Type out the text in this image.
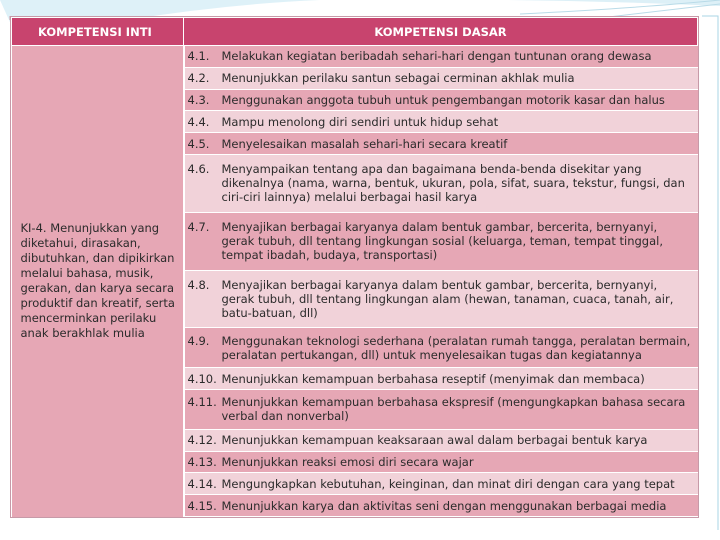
KOMPETENSI INTI	KOMPETENSI DASAR
KI-4. Menunjukkan yang diketahui, dirasakan, dibutuhkan, dan dipikirkan melalui bahasa, musik, gerakan, dan karya secara produktif dan kreatif, serta mencerminkan perilaku anak berakhlak mulia	4.1. Melakukan kegiatan beribadah sehari-hari dengan tuntunan orang dewasa

	4.2. Menunjukkan perilaku santun sebagai cerminan akhlak mulia

	4.3. Menggunakan anggota tubuh untuk pengembangan motorik kasar dan halus

	4.4. Mampu menolong diri sendiri untuk hidup sehat

	4.5. Menyelesaikan masalah sehari-hari secara kreatif

	4.6. Menyampaikan tentang apa dan bagaimana benda-benda disekitar yang dikenalnya (nama, warna, bentuk, ukuran, pola, sifat, suara, tekstur, fungsi, dan ciri-ciri lainnya) melalui berbagai hasil karya

	4.7. Menyajikan berbagai karyanya dalam bentuk gambar, bercerita, bernyanyi, gerak tubuh, dll tentang lingkungan sosial (keluarga, teman, tempat tinggal, tempat ibadah, budaya, transportasi)

	4.8. Menyajikan berbagai karyanya dalam bentuk gambar, bercerita, bernyanyi, gerak tubuh, dll tentang lingkungan alam (hewan, tanaman, cuaca, tanah, air, batu-batuan, dll)

	4.9. Menggunakan teknologi sederhana (peralatan rumah tangga, peralatan bermain, peralatan pertukangan, dll) untuk menyelesaikan tugas dan kegiatannya

	4.10. Menunjukkan kemampuan berbahasa reseptif (menyimak dan membaca)

	4.11. Menunjukkan kemampuan berbahasa ekspresif (mengungkapkan bahasa secara verbal dan nonverbal)

	4.12. Menunjukkan kemampuan keaksaraan awal dalam berbagai bentuk karya

	4.13. Menunjukkan reaksi emosi diri secara wajar

	4.14. Mengungkapkan kebutuhan, keinginan, dan minat diri dengan cara yang tepat

	4.15. Menunjukkan karya dan aktivitas seni dengan menggunakan berbagai media
